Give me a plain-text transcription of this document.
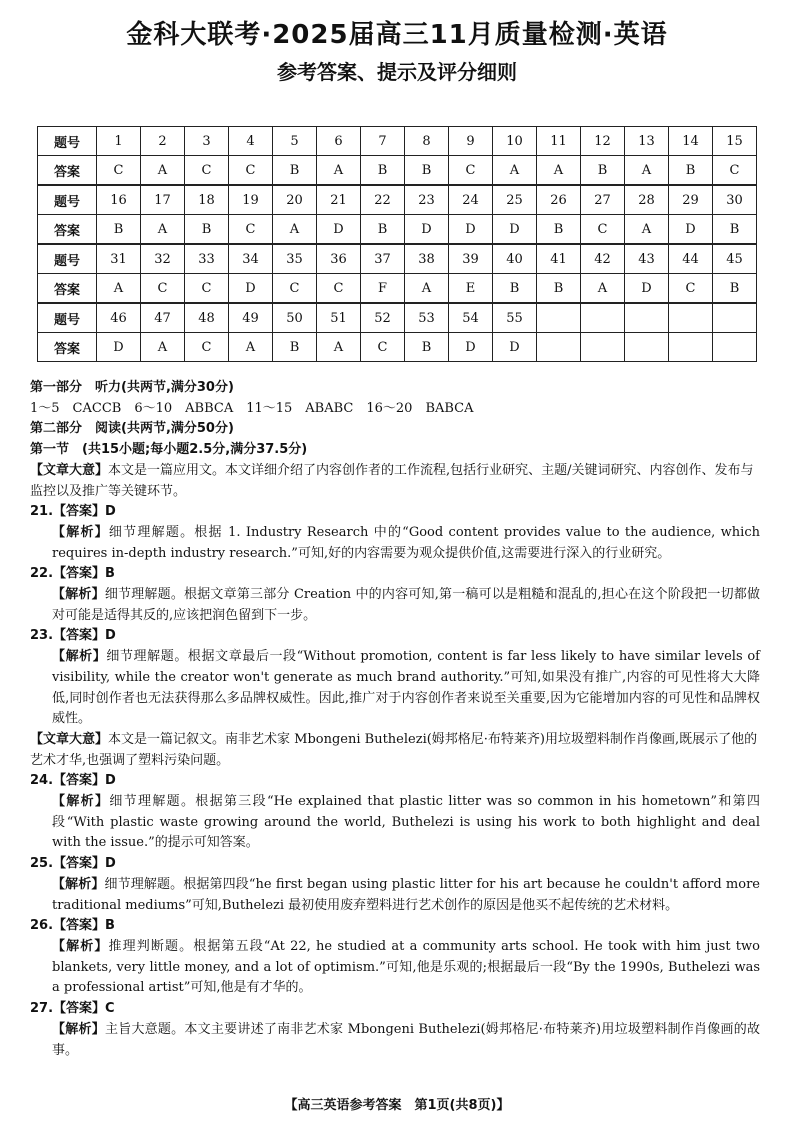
金科大联考·2025届高三11月质量检测·英语
参考答案、提示及评分细则
题号	1	2	3	4	5	6	7	8	9	10	11	12	13	14	15
答案	C	A	C	C	B	A	B	B	C	A	A	B	A	B	C
题号	16	17	18	19	20	21	22	23	24	25	26	27	28	29	30
答案	B	A	B	C	A	D	B	D	D	D	B	C	A	D	B
题号	31	32	33	34	35	36	37	38	39	40	41	42	43	44	45
答案	A	C	C	D	C	C	F	A	E	B	B	A	D	C	B
题号	46	47	48	49	50	51	52	53	54	55					
答案	D	A	C	A	B	A	C	B	D	D					

第一部分　听力(共两节,满分30分)

1～5　CACCB　6～10　ABBCA　11～15　ABABC　16～20　BABCA

第二部分　阅读(共两节,满分50分)

第一节　(共15小题;每小题2.5分,满分37.5分)

【文章大意】本文是一篇应用文。本文详细介绍了内容创作者的工作流程,包括行业研究、主题/关键词研究、内容创作、发布与监控以及推广等关键环节。

21.【答案】D

【解析】细节理解题。根据 1. Industry Research 中的“Good content provides value to the audience, which requires in-depth industry research.”可知,好的内容需要为观众提供价值,这需要进行深入的行业研究。

22.【答案】B

【解析】细节理解题。根据文章第三部分 Creation 中的内容可知,第一稿可以是粗糙和混乱的,担心在这个阶段把一切都做对可能是适得其反的,应该把润色留到下一步。

23.【答案】D

【解析】细节理解题。根据文章最后一段“Without promotion, content is far less likely to have similar levels of visibility, while the creator won't generate as much brand authority.”可知,如果没有推广,内容的可见性将大大降低,同时创作者也无法获得那么多品牌权威性。因此,推广对于内容创作者来说至关重要,因为它能增加内容的可见性和品牌权威性。

【文章大意】本文是一篇记叙文。南非艺术家 Mbongeni Buthelezi(姆邦格尼·布特莱齐)用垃圾塑料制作肖像画,既展示了他的艺术才华,也强调了塑料污染问题。

24.【答案】D

【解析】细节理解题。根据第三段“He explained that plastic litter was so common in his hometown”和第四段“With plastic waste growing around the world, Buthelezi is using his work to both highlight and deal with the issue.”的提示可知答案。

25.【答案】D

【解析】细节理解题。根据第四段“he first began using plastic litter for his art because he couldn't afford more traditional mediums”可知,Buthelezi 最初使用废弃塑料进行艺术创作的原因是他买不起传统的艺术材料。

26.【答案】B

【解析】推理判断题。根据第五段“At 22, he studied at a community arts school. He took with him just two blankets, very little money, and a lot of optimism.”可知,他是乐观的;根据最后一段“By the 1990s, Buthelezi was a professional artist”可知,他是有才华的。

27.【答案】C

【解析】主旨大意题。本文主要讲述了南非艺术家 Mbongeni Buthelezi(姆邦格尼·布特莱齐)用垃圾塑料制作肖像画的故事。

【高三英语参考答案　第1页(共8页)】
